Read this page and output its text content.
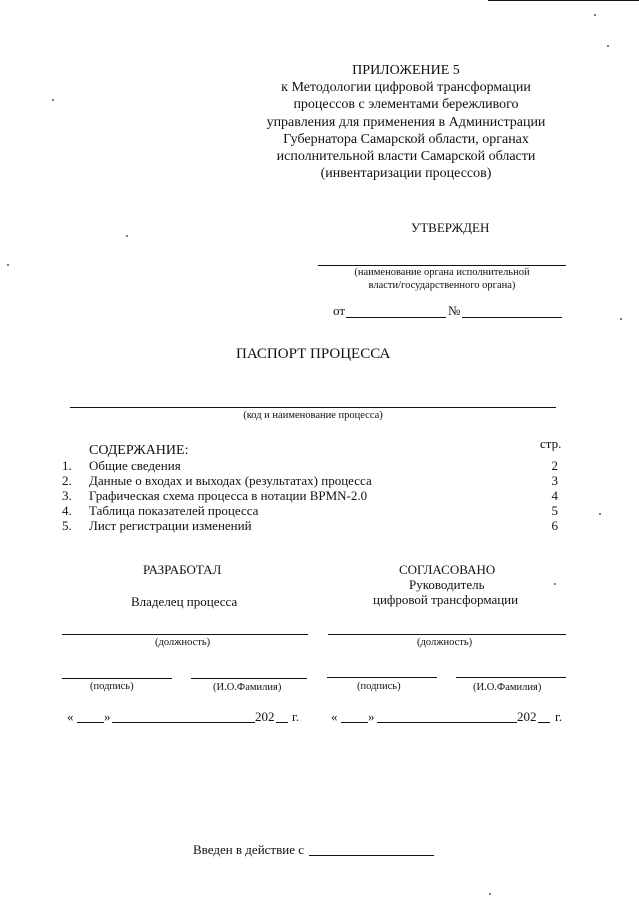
ПРИЛОЖЕНИЕ 5
к Методологии цифровой трансформации
процессов с элементами бережливого
управления для применения в Администрации
Губернатора Самарской области, органах
исполнительной власти Самарской области
(инвентаризации процессов)
УТВЕРЖДЕН
(наименование органа исполнительной
власти/государственного органа)
от	№
ПАСПОРТ ПРОЦЕССА
(код и наименование процесса)
СОДЕРЖАНИЕ:	стр.
1. Общие сведения	2
2. Данные о входах и выходах (результатах) процесса	3
3. Графическая схема процесса в нотации BPMN-2.0	4
4. Таблица показателей процесса	5
5. Лист регистрации изменений	6
РАЗРАБОТАЛ
Владелец процесса
(должность)
(подпись)	(И.О.Фамилия)
« »	202 г.
СОГЛАСОВАНО
Руководитель
цифровой трансформации
(должность)
(подпись)	(И.О.Фамилия)
« »	202 г.
Введен в действие с
